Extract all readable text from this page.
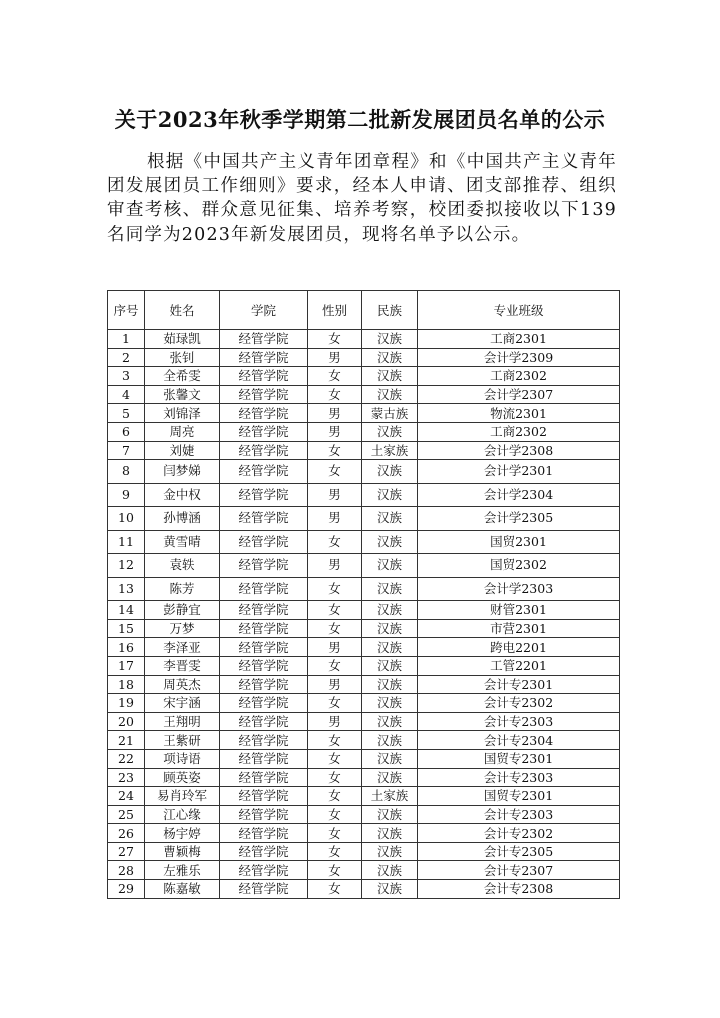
关于2023年秋季学期第二批新发展团员名单的公示
根据《中国共产主义青年团章程》和《中国共产主义青年团发展团员工作细则》要求，经本人申请、团支部推荐、组织审查考核、群众意见征集、培养考察，校团委拟接收以下139名同学为2023年新发展团员，现将名单予以公示。
序号	姓名	学院	性别	民族	专业班级
1	茹琭凯	经管学院	女	汉族	工商2301
2	张钊	经管学院	男	汉族	会计学2309
3	全希雯	经管学院	女	汉族	工商2302
4	张馨文	经管学院	女	汉族	会计学2307
5	刘锦泽	经管学院	男	蒙古族	物流2301
6	周亮	经管学院	男	汉族	工商2302
7	刘婕	经管学院	女	土家族	会计学2308
8	闫梦娣	经管学院	女	汉族	会计学2301
9	金中权	经管学院	男	汉族	会计学2304
10	孙博涵	经管学院	男	汉族	会计学2305
11	黄雪晴	经管学院	女	汉族	国贸2301
12	袁轶	经管学院	男	汉族	国贸2302
13	陈芳	经管学院	女	汉族	会计学2303
14	彭静宜	经管学院	女	汉族	财管2301
15	万梦	经管学院	女	汉族	市营2301
16	李泽亚	经管学院	男	汉族	跨电2201
17	李晋雯	经管学院	女	汉族	工管2201
18	周英杰	经管学院	男	汉族	会计专2301
19	宋宇涵	经管学院	女	汉族	会计专2302
20	王翔明	经管学院	男	汉族	会计专2303
21	王紫研	经管学院	女	汉族	会计专2304
22	项诗语	经管学院	女	汉族	国贸专2301
23	顾英姿	经管学院	女	汉族	会计专2303
24	易肖玲军	经管学院	女	土家族	国贸专2301
25	江心缘	经管学院	女	汉族	会计专2303
26	杨宇婷	经管学院	女	汉族	会计专2302
27	曹颖梅	经管学院	女	汉族	会计专2305
28	左雅乐	经管学院	女	汉族	会计专2307
29	陈嘉敏	经管学院	女	汉族	会计专2308
